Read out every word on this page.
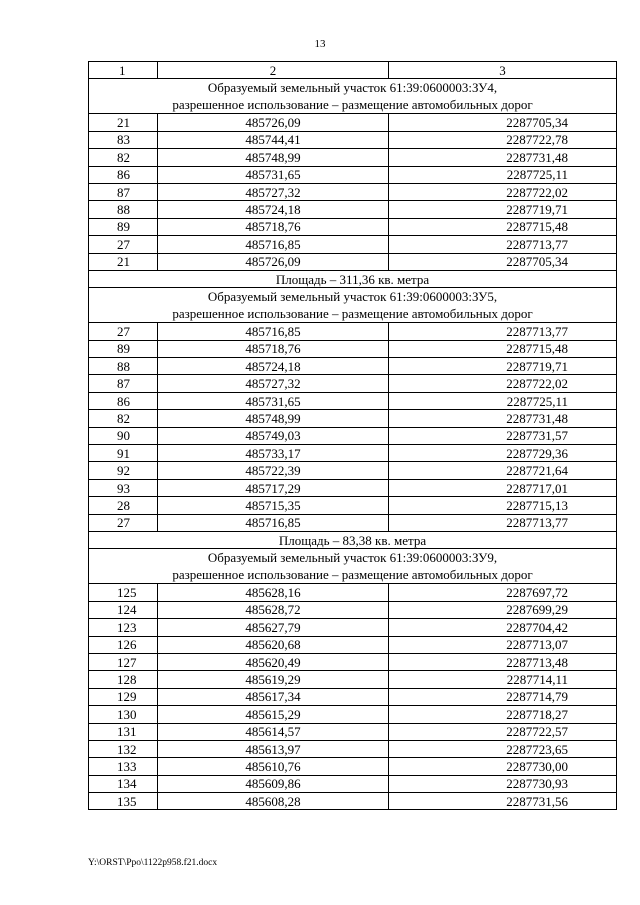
13
1	2	3

Образуемый земельный участок 61:39:0600003:ЗУ4,
разрешенное использование – размещение автомобильных дорог		

21	485726,09	2287705,34
83	485744,41	2287722,78
82	485748,99	2287731,48
86	485731,65	2287725,11
87	485727,32	2287722,02
88	485724,18	2287719,71
89	485718,76	2287715,48
27	485716,85	2287713,77
21	485726,09	2287705,34
Площадь – 311,36 кв. метра		

Образуемый земельный участок 61:39:0600003:ЗУ5,
разрешенное использование – размещение автомобильных дорог		

27	485716,85	2287713,77
89	485718,76	2287715,48
88	485724,18	2287719,71
87	485727,32	2287722,02
86	485731,65	2287725,11
82	485748,99	2287731,48
90	485749,03	2287731,57
91	485733,17	2287729,36
92	485722,39	2287721,64
93	485717,29	2287717,01
28	485715,35	2287715,13
27	485716,85	2287713,77
Площадь – 83,38 кв. метра		

Образуемый земельный участок 61:39:0600003:ЗУ9,
разрешенное использование – размещение автомобильных дорог		

125	485628,16	2287697,72
124	485628,72	2287699,29
123	485627,79	2287704,42
126	485620,68	2287713,07
127	485620,49	2287713,48
128	485619,29	2287714,11
129	485617,34	2287714,79
130	485615,29	2287718,27
131	485614,57	2287722,57
132	485613,97	2287723,65
133	485610,76	2287730,00
134	485609,86	2287730,93
135	485608,28	2287731,56
Y:\ORST\Ppo\1122p958.f21.docx
